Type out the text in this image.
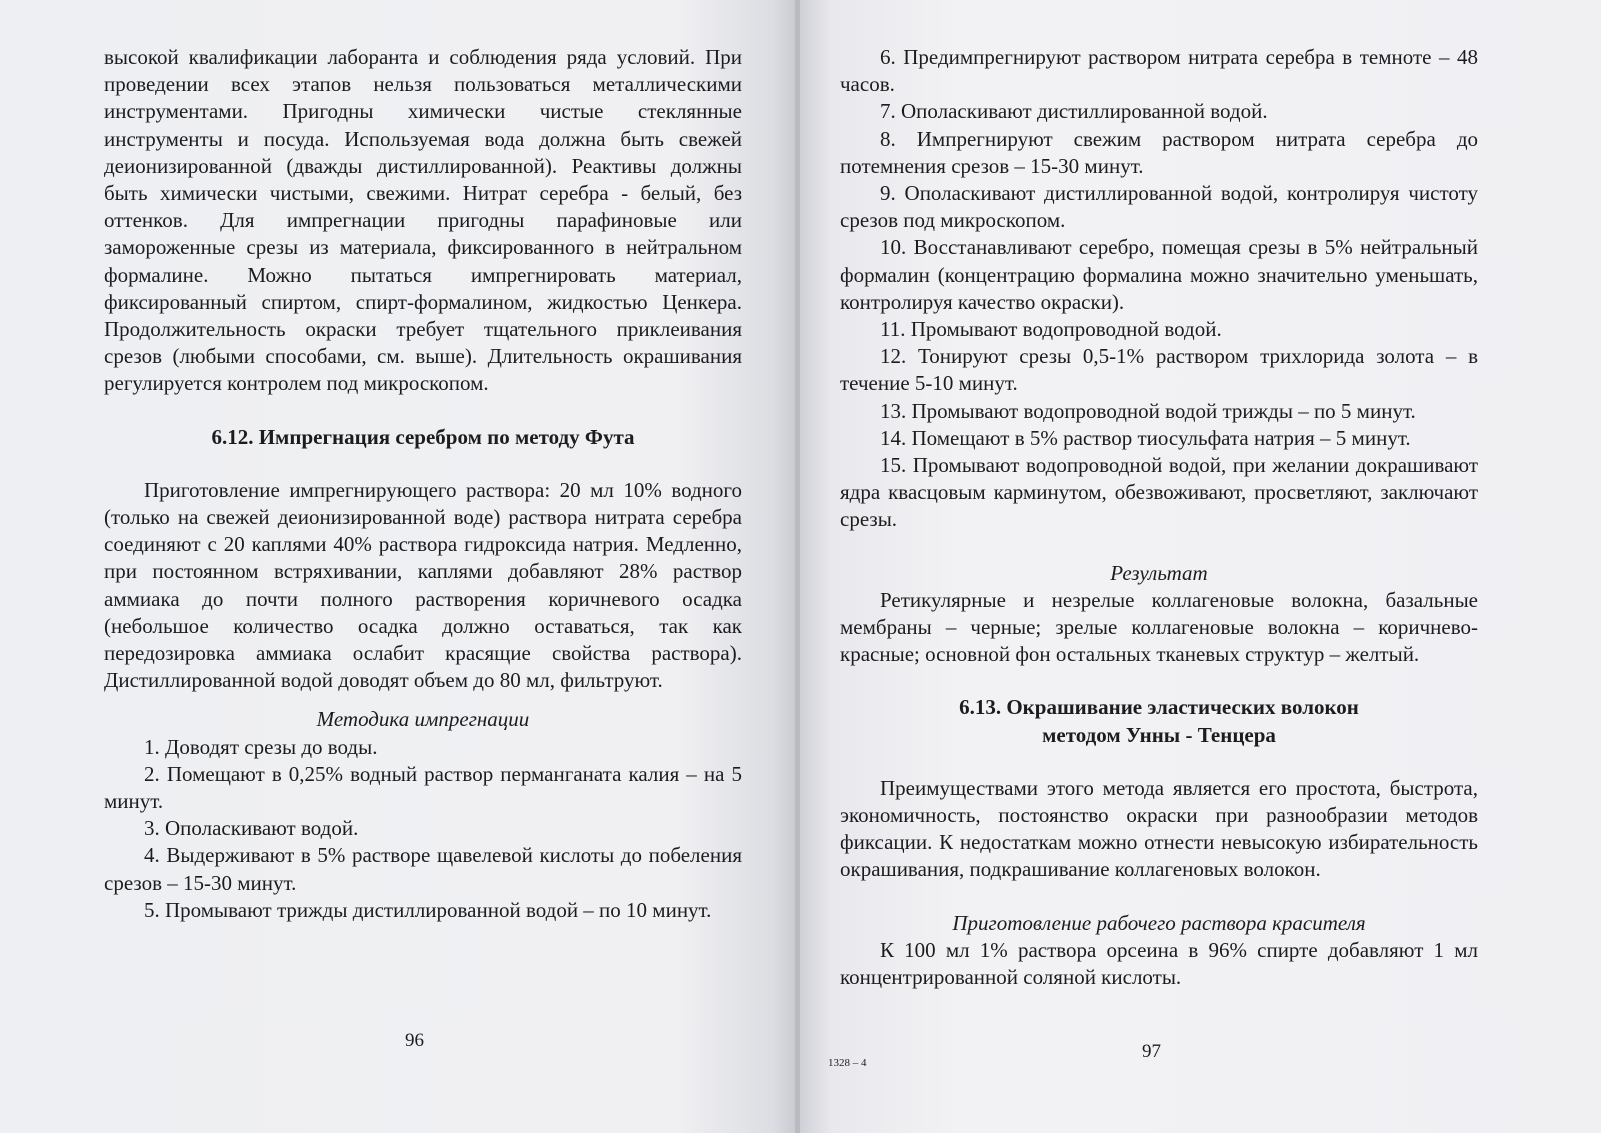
высокой квалификации лаборанта и соблюдения ряда условий. При проведении всех этапов нельзя пользоваться металлическими инструментами. Пригодны химически чистые стеклянные инструменты и посуда. Используемая вода должна быть свежей деионизированной (дважды дистиллированной). Реактивы должны быть химически чистыми, свежими. Нитрат серебра - белый, без оттенков. Для импрегнации пригодны парафиновые или замороженные срезы из материала, фиксированного в нейтральном формалине. Можно пытаться импрегнировать материал, фиксированный спиртом, спирт-формалином, жидкостью Ценкера. Продолжительность окраски требует тщательного приклеивания срезов (любыми способами, см. выше). Длительность окрашивания регулируется контролем под микроскопом.

6.12. Импрегнация серебром по методу Фута

Приготовление импрегнирующего раствора: 20 мл 10% водного (только на свежей деионизированной воде) раствора нитрата серебра соединяют с 20 каплями 40% раствора гидроксида натрия. Медленно, при постоянном встряхивании, каплями добавляют 28% раствор аммиака до почти полного растворения коричневого осадка (небольшое количество осадка должно оставаться, так как передозировка аммиака ослабит красящие свойства раствора). Дистиллированной водой доводят объем до 80 мл, фильтруют.

Методика импрегнации

1. Доводят срезы до воды.

2. Помещают в 0,25% водный раствор перманганата калия – на 5 минут.

3. Ополаскивают водой.

4. Выдерживают в 5% растворе щавелевой кислоты до побеления срезов – 15-30 минут.

5. Промывают трижды дистиллированной водой – по 10 минут.

96

6. Предимпрегнируют раствором нитрата серебра в темноте – 48 часов.

7. Ополаскивают дистиллированной водой.

8. Импрегнируют свежим раствором нитрата серебра до потемнения срезов – 15-30 минут.

9. Ополаскивают дистиллированной водой, контролируя чистоту срезов под микроскопом.

10. Восстанавливают серебро, помещая срезы в 5% нейтральный формалин (концентрацию формалина можно значительно уменьшать, контролируя качество окраски).

11. Промывают водопроводной водой.

12. Тонируют срезы 0,5-1% раствором трихлорида золота – в течение 5-10 минут.

13. Промывают водопроводной водой трижды – по 5 минут.

14. Помещают в 5% раствор тиосульфата натрия – 5 минут.

15. Промывают водопроводной водой, при желании докрашивают ядра квасцовым карминутом, обезвоживают, просветляют, заключают срезы.

Результат

Ретикулярные и незрелые коллагеновые волокна, базальные мембраны – черные; зрелые коллагеновые волокна – коричнево-красные; основной фон остальных тканевых структур – желтый.

6.13. Окрашивание эластических волокон
методом Унны - Тенцера

Преимуществами этого метода является его простота, быстрота, экономичность, постоянство окраски при разнообразии методов фиксации. К недостаткам можно отнести невысокую избирательность окрашивания, подкрашивание коллагеновых волокон.

Приготовление рабочего раствора красителя

К 100 мл 1% раствора орсеина в 96% спирте добавляют 1 мл концентрированной соляной кислоты.

1328 – 4
97
